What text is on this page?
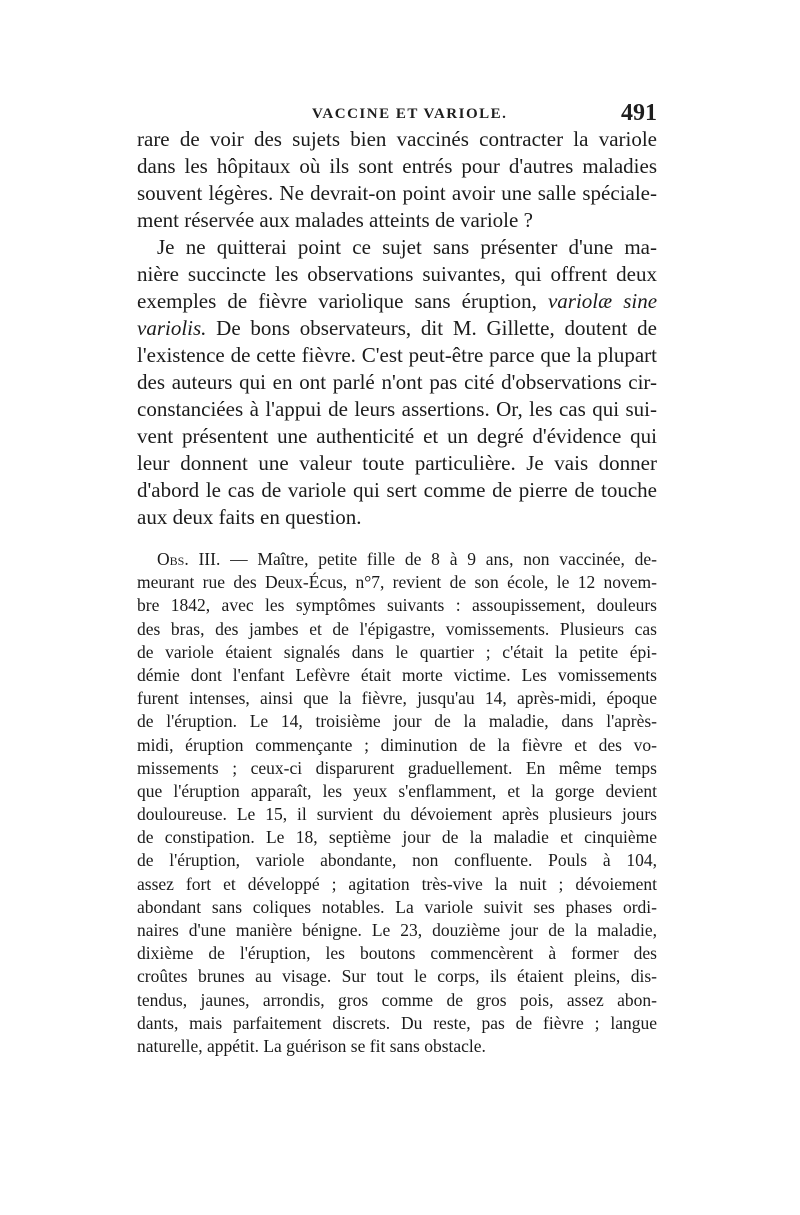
VACCINE ET VARIOLE.	491
rare de voir des sujets bien vaccinés contracter la variole
dans les hôpitaux où ils sont entrés pour d'autres maladies
souvent légères. Ne devrait-on point avoir une salle spéciale-
ment réservée aux malades atteints de variole ?
Je ne quitterai point ce sujet sans présenter d'une ma-
nière succincte les observations suivantes, qui offrent deux
exemples de fièvre variolique sans éruption, variolæ sine
variolis. De bons observateurs, dit M. Gillette, doutent de
l'existence de cette fièvre. C'est peut-être parce que la plupart
des auteurs qui en ont parlé n'ont pas cité d'observations cir-
constanciées à l'appui de leurs assertions. Or, les cas qui sui-
vent présentent une authenticité et un degré d'évidence qui
leur donnent une valeur toute particulière. Je vais donner
d'abord le cas de variole qui sert comme de pierre de touche
aux deux faits en question.
Obs. III. — Maître, petite fille de 8 à 9 ans, non vaccinée, de-
meurant rue des Deux-Écus, n°7, revient de son école, le 12 novem-
bre 1842, avec les symptômes suivants : assoupissement, douleurs
des bras, des jambes et de l'épigastre, vomissements. Plusieurs cas
de variole étaient signalés dans le quartier ; c'était la petite épi-
démie dont l'enfant Lefèvre était morte victime. Les vomissements
furent intenses, ainsi que la fièvre, jusqu'au 14, après-midi, époque
de l'éruption. Le 14, troisième jour de la maladie, dans l'après-
midi, éruption commençante ; diminution de la fièvre et des vo-
missements ; ceux-ci disparurent graduellement. En même temps
que l'éruption apparaît, les yeux s'enflamment, et la gorge devient
douloureuse. Le 15, il survient du dévoiement après plusieurs jours
de constipation. Le 18, septième jour de la maladie et cinquième
de l'éruption, variole abondante, non confluente. Pouls à 104,
assez fort et développé ; agitation très-vive la nuit ; dévoiement
abondant sans coliques notables. La variole suivit ses phases ordi-
naires d'une manière bénigne. Le 23, douzième jour de la maladie,
dixième de l'éruption, les boutons commencèrent à former des
croûtes brunes au visage. Sur tout le corps, ils étaient pleins, dis-
tendus, jaunes, arrondis, gros comme de gros pois, assez abon-
dants, mais parfaitement discrets. Du reste, pas de fièvre ; langue
naturelle, appétit. La guérison se fit sans obstacle.
